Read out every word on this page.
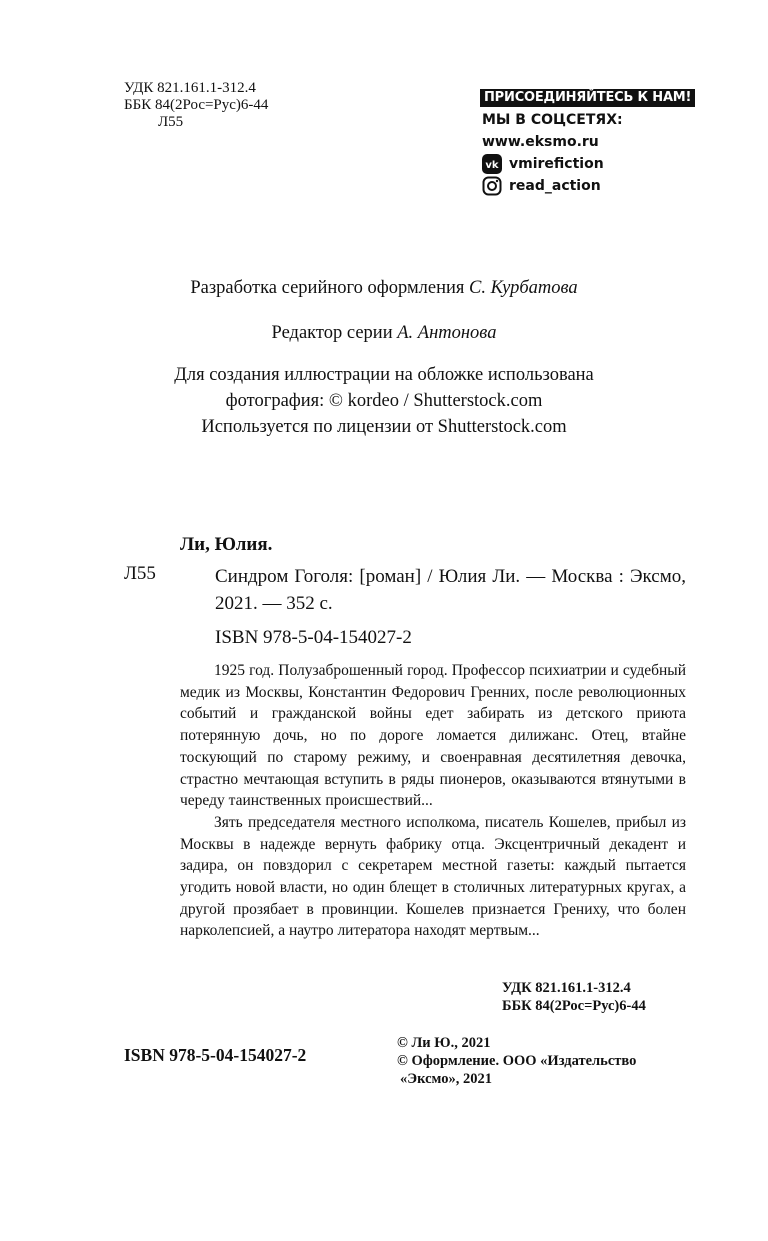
УДК 821.161.1-312.4
ББК 84(2Рос=Рус)6-44
Л55
ПРИСОЕДИНЯЙТЕСЬ К НАМ!
МЫ В СОЦСЕТЯХ:
www.eksmo.ru
vk vmirefiction
read_action
Разработка серийного оформления С. Курбатова
Редактор серии А. Антонова
Для создания иллюстрации на обложке использована
фотография: © kordeo / Shutterstock.com
Используется по лицензии от Shutterstock.com
Ли, Юлия.
Л55	Синдром Гоголя: [роман] / Юлия Ли. — Москва : Эксмо, 2021. — 352 с.
ISBN 978-5-04-154027-2

1925 год. Полузаброшенный город. Профессор психиатрии и судебный медик из Москвы, Константин Федорович Гренних, после революционных событий и гражданской войны едет забирать из детского приюта потерянную дочь, но по дороге ломается дилижанс. Отец, втайне тоскующий по старому режиму, и своенравная десятилетняя девочка, страстно мечтающая вступить в ряды пионеров, оказываются втянутыми в череду таинственных происшествий...

Зять председателя местного исполкома, писатель Кошелев, прибыл из Москвы в надежде вернуть фабрику отца. Эксцентричный декадент и задира, он повздорил с секретарем местной газеты: каждый пытается угодить новой власти, но один блещет в столичных литературных кругах, а другой прозябает в провинции. Кошелев признается Грениху, что болен нарколепсией, а наутро литератора находят мертвым...

УДК 821.161.1-312.4
ББК 84(2Рос=Рус)6-44
ISBN 978-5-04-154027-2
© Ли Ю., 2021
© Оформление. ООО «Издательство
«Эксмо», 2021
